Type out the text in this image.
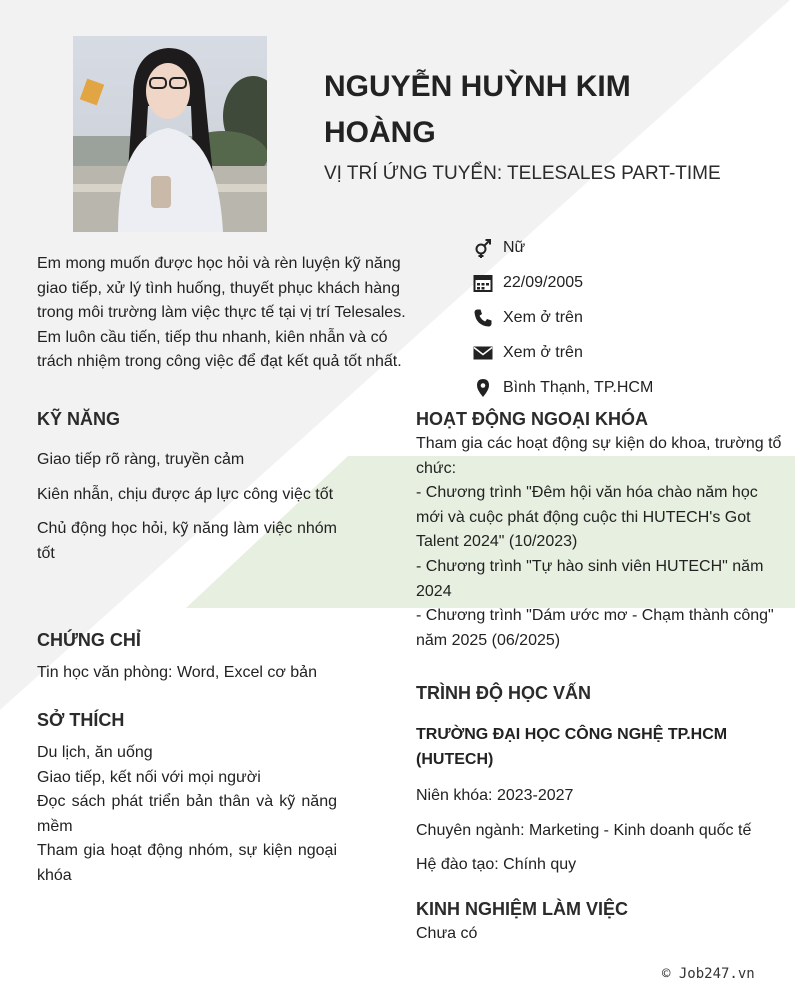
NGUYỄN HUỲNH KIM HOÀNG
VỊ TRÍ ỨNG TUYỂN: TELESALES PART-TIME
Nữ
22/09/2005
Xem ở trên
Xem ở trên
Bình Thạnh, TP.HCM
Em mong muốn được học hỏi và rèn luyện kỹ năng giao tiếp, xử lý tình huống, thuyết phục khách hàng trong môi trường làm việc thực tế tại vị trí Telesales. Em luôn cầu tiến, tiếp thu nhanh, kiên nhẫn và có trách nhiệm trong công việc để đạt kết quả tốt nhất.
KỸ NĂNG
Giao tiếp rõ ràng, truyền cảm
Kiên nhẫn, chịu được áp lực công việc tốt
Chủ động học hỏi, kỹ năng làm việc nhóm tốt
CHỨNG CHỈ
Tin học văn phòng: Word, Excel cơ bản
SỞ THÍCH
Du lịch, ăn uống
Giao tiếp, kết nối với mọi người
Đọc sách phát triển bản thân và kỹ năng mềm
Tham gia hoạt động nhóm, sự kiện ngoại khóa
HOẠT ĐỘNG NGOẠI KHÓA
Tham gia các hoạt động sự kiện do khoa, trường tổ chức:
- Chương trình "Đêm hội văn hóa chào năm học mới và cuộc phát động cuộc thi HUTECH's Got Talent 2024" (10/2023)
- Chương trình "Tự hào sinh viên HUTECH" năm 2024
- Chương trình "Dám ước mơ - Chạm thành công" năm 2025 (06/2025)
TRÌNH ĐỘ HỌC VẤN
TRƯỜNG ĐẠI HỌC CÔNG NGHỆ TP.HCM (HUTECH)
Niên khóa: 2023-2027
Chuyên ngành: Marketing - Kinh doanh quốc tế
Hệ đào tạo: Chính quy
KINH NGHIỆM LÀM VIỆC
Chưa có
© Job247.vn
